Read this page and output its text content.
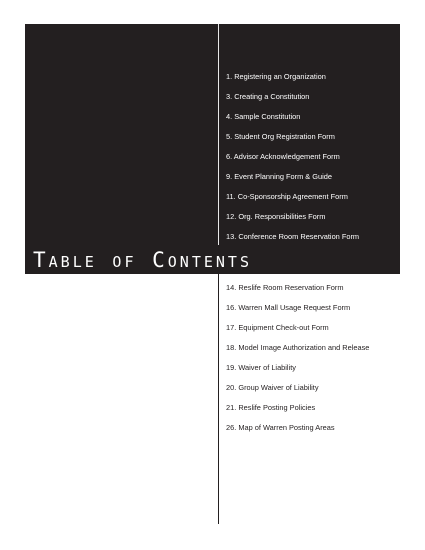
Table of Contents
1. Registering an Organization
3. Creating a Constitution
4. Sample Constitution
5. Student Org Registration Form
6. Advisor Acknowledgement Form
9. Event Planning Form & Guide
11. Co-Sponsorship Agreement Form
12. Org. Responsibilities Form
13. Conference Room Reservation Form
14. Reslife Room Reservation Form
16. Warren Mall Usage Request Form
17. Equipment Check-out Form
18. Model Image Authorization and Release
19. Waiver of Liability
20. Group Waiver of Liability
21. Reslife Posting Policies
26. Map of Warren Posting Areas
